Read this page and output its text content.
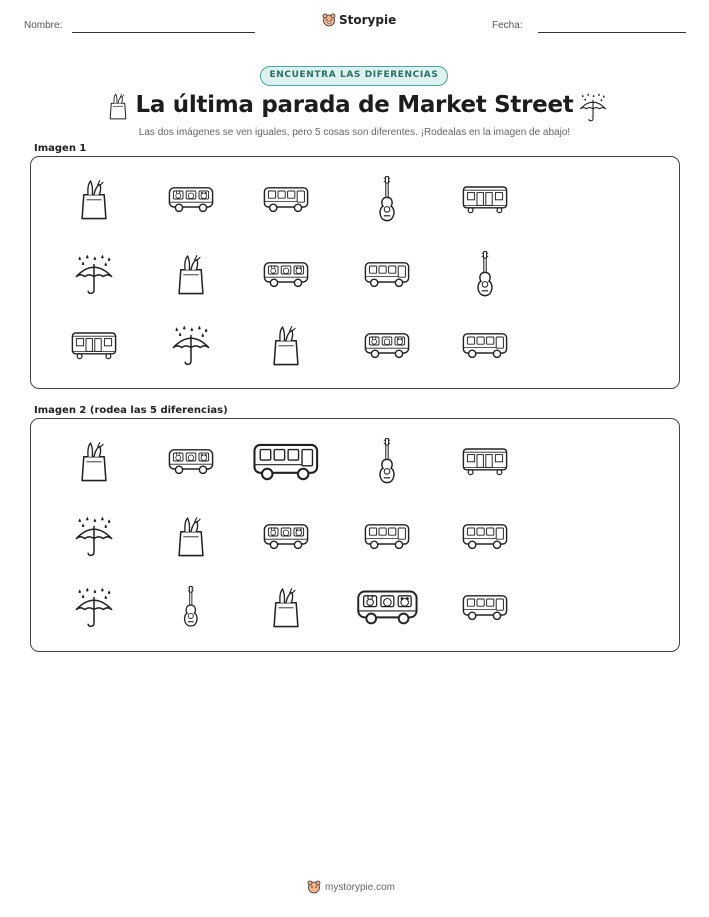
Nombre:	Storypie	Fecha:
ENCUENTRA LAS DIFERENCIAS
La última parada de Market Street
Las dos imágenes se ven iguales, pero 5 cosas son diferentes. ¡Rodealas en la imagen de abajo!
Imagen 1
Imagen 2 (rodea las 5 diferencias)
mystorypie.com
